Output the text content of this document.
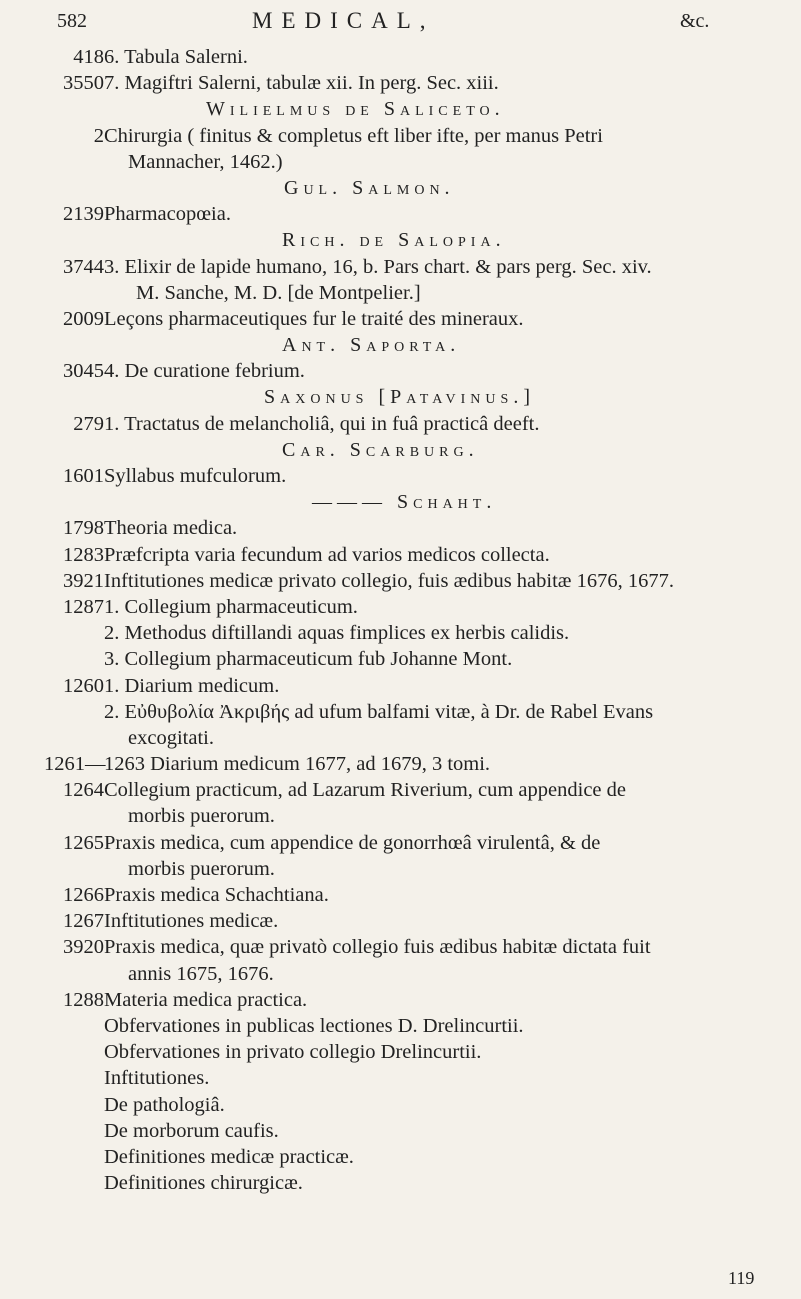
582	MEDICAL,	&c.
418 6. Tabula Salerni.
3550 7. Magiftri Salerni, tabulæ xii. In perg. Sec. xiii.
Wilielmus de Saliceto.
2 Chirurgia ( finitus & completus eft liber ifte, per manus Petri
Mannacher, 1462.)
Gul. Salmon.
2139 Pharmacopœia.
Rich. de Salopia.
3744 3. Elixir de lapide humano, 16, b. Pars chart. & pars perg. Sec. xiv.
M. Sanche, M. D. [de Montpelier.]
2009 Leçons pharmaceutiques fur le traité des mineraux.
Ant. Saporta.
3045 4. De curatione febrium.
Saxonus [Patavinus.]
279 1. Tractatus de melancholiâ, qui in fuâ practicâ deeft.
Car. Scarburg.
1601 Syllabus mufculorum.
——— Schaht.
1798 Theoria medica.
1283 Præfcripta varia fecundum ad varios medicos collecta.
3921 Inftitutiones medicæ privato collegio, fuis ædibus habitæ 1676, 1677.
1287 1. Collegium pharmaceuticum.
2. Methodus diftillandi aquas fimplices ex herbis calidis.
3. Collegium pharmaceuticum fub Johanne Mont.
1260 1. Diarium medicum.
2. Εὐθυβολία Ἀκριβής ad ufum balfami vitæ, à Dr. de Rabel Evans
excogitati.
1261—
1263 Diarium medicum 1677, ad 1679, 3 tomi.
1264 Collegium practicum, ad Lazarum Riverium, cum appendice de
morbis puerorum.
1265 Praxis medica, cum appendice de gonorrhœâ virulentâ, & de
morbis puerorum.
1266 Praxis medica Schachtiana.
1267 Inftitutiones medicæ.
3920 Praxis medica, quæ privatò collegio fuis ædibus habitæ dictata fuit
annis 1675, 1676.
1288 Materia medica practica.
Obfervationes in publicas lectiones D. Drelincurtii.
Obfervationes in privato collegio Drelincurtii.
Inftitutiones.
De pathologiâ.
De morborum caufis.
Definitiones medicæ practicæ.
Definitiones chirurgicæ.
119
